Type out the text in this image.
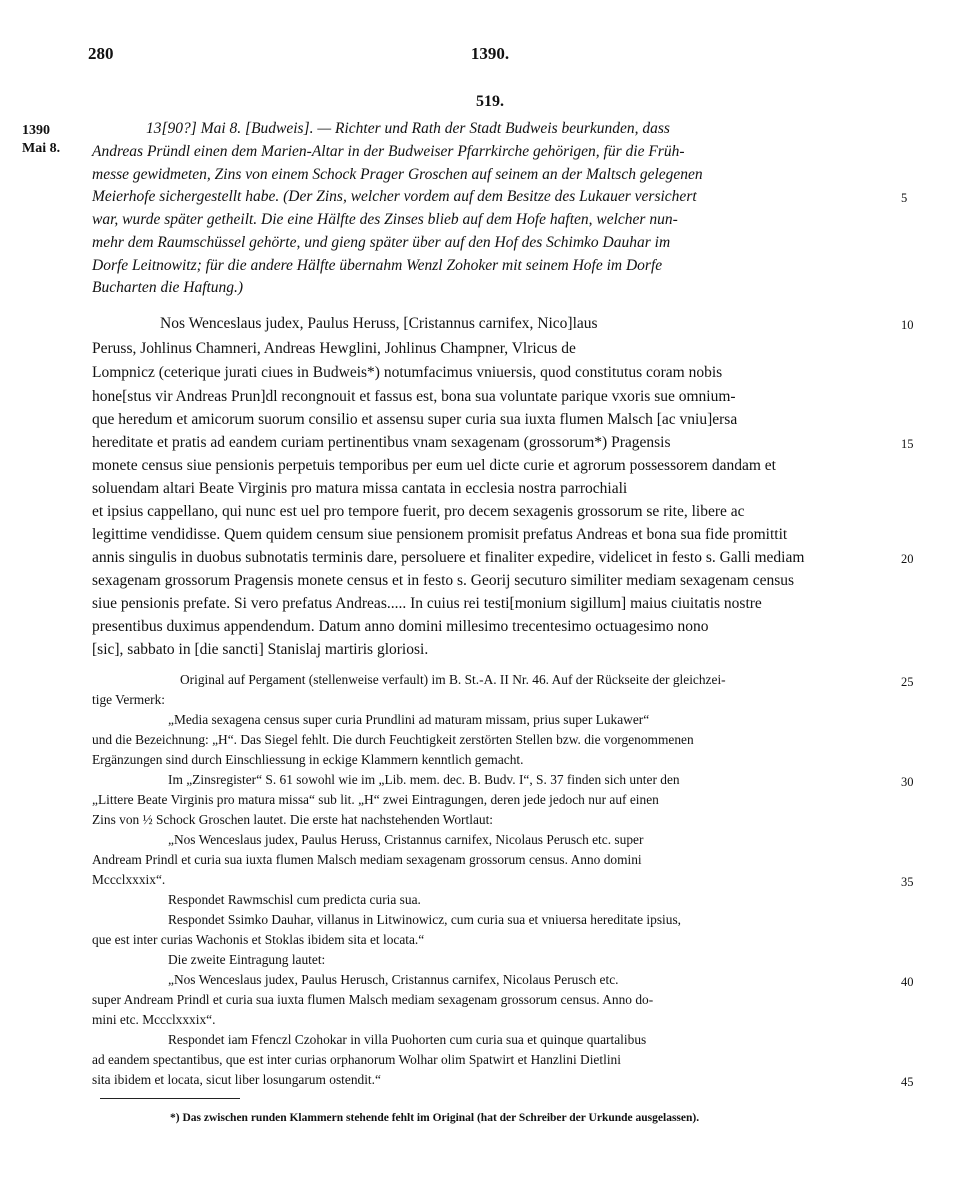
280	1390.
519.
1390
Mai 8.
13[90?] Mai 8. [Budweis]. — Richter und Rath der Stadt Budweis beurkunden, dass
Andreas Pründl einen dem Marien-Altar in der Budweiser Pfarrkirche gehörigen, für die Früh-
messe gewidmeten, Zins von einem Schock Prager Groschen auf seinem an der Maltsch gelegenen
Meierhofe sichergestellt habe. (Der Zins, welcher vordem auf dem Besitze des Lukauer versichert
war, wurde später getheilt. Die eine Hälfte des Zinses blieb auf dem Hofe haften, welcher nun-
mehr dem Raumschüssel gehörte, und gieng später über auf den Hof des Schimko Dauhar im
Dorfe Leitnowitz; für die andere Hälfte übernahm Wenzl Zohoker mit seinem Hofe im Dorfe
Bucharten die Haftung.)
Nos Wenceslaus judex, Paulus Heruss, [Cristannus carnifex, Nico]laus
Peruss, Johlinus Chamneri, Andreas Hewglini, Johlinus Champner, Vlricus de
Lompnicz (ceterique jurati ciues in Budweis*) notumfacimus vniuersis, quod constitutus coram nobis
hone[stus vir Andreas Prun]dl recongnouit et fassus est, bona sua voluntate parique vxoris sue omnium-
que heredum et amicorum suorum consilio et assensu super curia sua iuxta flumen Malsch [ac vniu]ersa
hereditate et pratis ad eandem curiam pertinentibus vnam sexagenam (grossorum*) Pragensis
monete census siue pensionis perpetuis temporibus per eum uel dicte curie et agrorum possessorem dandam et
soluendam altari Beate Virginis pro matura missa cantata in ecclesia nostra parrochiali
et ipsius cappellano, qui nunc est uel pro tempore fuerit, pro decem sexagenis grossorum se rite, libere ac
legittime vendidisse. Quem quidem censum siue pensionem promisit prefatus Andreas et bona sua fide promittit
annis singulis in duobus subnotatis terminis dare, persoluere et finaliter expedire, videlicet in festo s. Galli mediam
sexagenam grossorum Pragensis monete census et in festo s. Georij secuturo similiter mediam sexagenam census
siue pensionis prefate. Si vero prefatus Andreas..... In cuius rei testi[monium sigillum] maius ciuitatis nostre
presentibus duximus appendendum. Datum anno domini millesimo trecentesimo octuagesimo nono
[sic], sabbato in [die sancti] Stanislaj martiris gloriosi.
Original auf Pergament (stellenweise verfault) im B. St.-A. II Nr. 46. Auf der Rückseite der gleichzei-
tige Vermerk:
„Media sexagena census super curia Prundlini ad maturam missam, prius super Lukawer“
und die Bezeichnung: „H“. Das Siegel fehlt. Die durch Feuchtigkeit zerstörten Stellen bzw. die vorgenommenen
Ergänzungen sind durch Einschliessung in eckige Klammern kenntlich gemacht.
Im „Zinsregister“ S. 61 sowohl wie im „Lib. mem. dec. B. Budv. I“, S. 37 finden sich unter den
„Littere Beate Virginis pro matura missa“ sub lit. „H“ zwei Eintragungen, deren jede jedoch nur auf einen
Zins von ½ Schock Groschen lautet. Die erste hat nachstehenden Wortlaut:
„Nos Wenceslaus judex, Paulus Heruss, Cristannus carnifex, Nicolaus Perusch etc. super
Andream Prindl et curia sua iuxta flumen Malsch mediam sexagenam grossorum census. Anno domini
Mccclxxxix“.
Respondet Rawmschisl cum predicta curia sua.
Respondet Ssimko Dauhar, villanus in Litwinowicz, cum curia sua et vniuersa hereditate ipsius,
que est inter curias Wachonis et Stoklas ibidem sita et locata.“
Die zweite Eintragung lautet:
„Nos Wenceslaus judex, Paulus Herusch, Cristannus carnifex, Nicolaus Perusch etc.
super Andream Prindl et curia sua iuxta flumen Malsch mediam sexagenam grossorum census. Anno do-
mini etc. Mccclxxxix“.
Respondet iam Ffenczl Czohokar in villa Puohorten cum curia sua et quinque quartalibus
ad eandem spectantibus, que est inter curias orphanorum Wolhar olim Spatwirt et Hanzlini Dietlini
sita ibidem et locata, sicut liber losungarum ostendit.“
5
10
15
20
25
30
35
40
45
*) Das zwischen runden Klammern stehende fehlt im Original (hat der Schreiber der Urkunde ausgelassen).
